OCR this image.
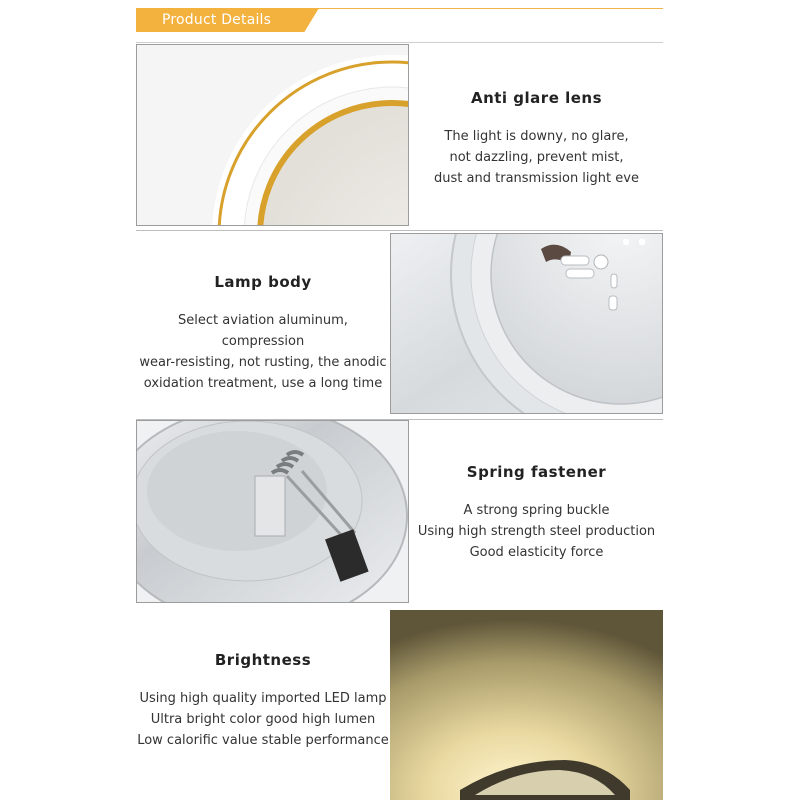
Product Details
Anti glare lens
The light is downy, no glare,
not dazzling, prevent mist,
dust and transmission light eve
Lamp body
Select aviation aluminum, compression
wear-resisting, not rusting, the anodic
oxidation treatment, use a long time
Spring fastener
A strong spring buckle
Using high strength steel production
Good elasticity force
Brightness
Using high quality imported LED lamp
Ultra bright color good high lumen
Low calorific value stable performance
